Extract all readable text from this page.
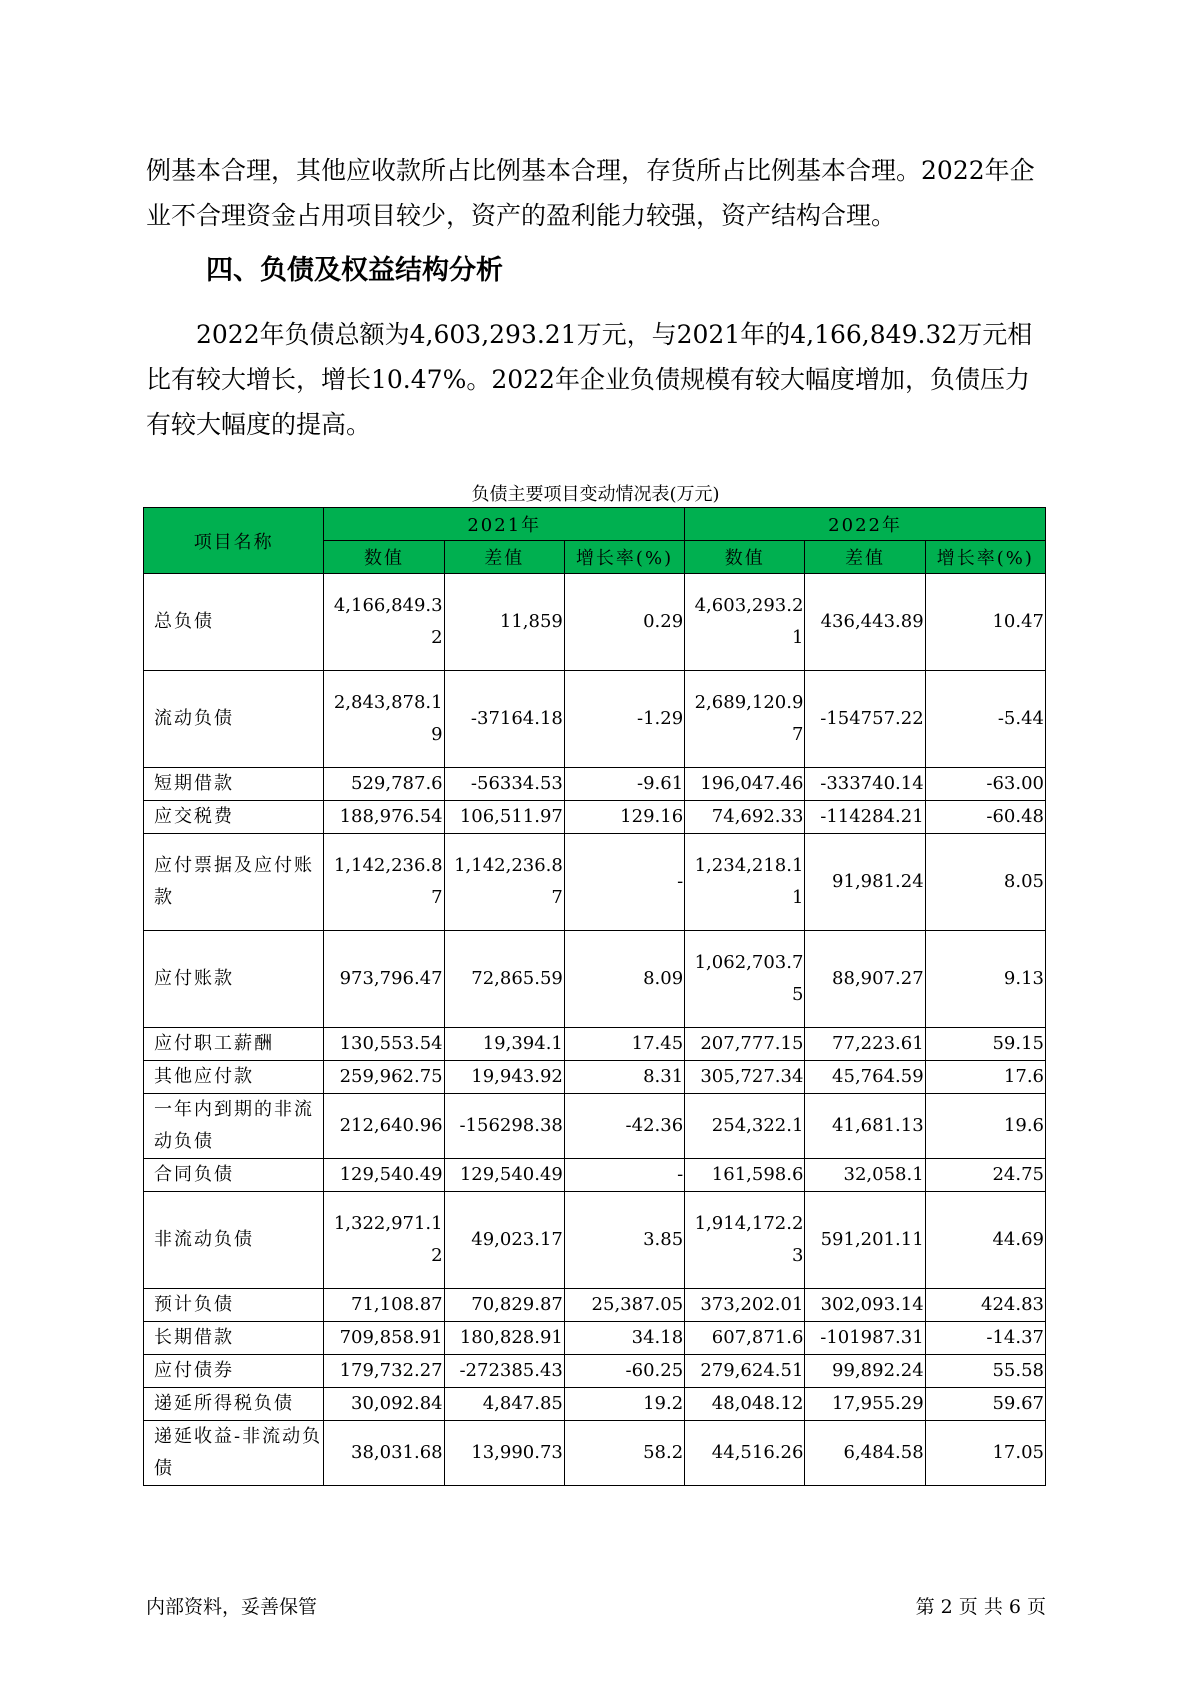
例基本合理，其他应收款所占比例基本合理，存货所占比例基本合理。2022年企业不合理资金占用项目较少，资产的盈利能力较强，资产结构合理。

四、负债及权益结构分析

2022年负债总额为4,603,293.21万元，与2021年的4,166,849.32万元相比有较大增长，增长10.47%。2022年企业负债规模有较大幅度增加，负债压力有较大幅度的提高。

负债主要项目变动情况表(万元)
项目名称	2021年			2022年		
	数值	差值	增长率(%)	数值	差值	增长率(%)
总负债	4,166,849.32	11,859	0.29	4,603,293.21	436,443.89	10.47
流动负债	2,843,878.19	-37164.18	-1.29	2,689,120.97	-154757.22	-5.44
短期借款	529,787.6	-56334.53	-9.61	196,047.46	-333740.14	-63.00
应交税费	188,976.54	106,511.97	129.16	74,692.33	-114284.21	-60.48
应付票据及应付账款	1,142,236.87	1,142,236.87	-	1,234,218.11	91,981.24	8.05
应付账款	973,796.47	72,865.59	8.09	1,062,703.75	88,907.27	9.13
应付职工薪酬	130,553.54	19,394.1	17.45	207,777.15	77,223.61	59.15
其他应付款	259,962.75	19,943.92	8.31	305,727.34	45,764.59	17.6
一年内到期的非流动负债	212,640.96	-156298.38	-42.36	254,322.1	41,681.13	19.6
合同负债	129,540.49	129,540.49	-	161,598.6	32,058.1	24.75
非流动负债	1,322,971.12	49,023.17	3.85	1,914,172.23	591,201.11	44.69
预计负债	71,108.87	70,829.87	25,387.05	373,202.01	302,093.14	424.83
长期借款	709,858.91	180,828.91	34.18	607,871.6	-101987.31	-14.37
应付债券	179,732.27	-272385.43	-60.25	279,624.51	99,892.24	55.58
递延所得税负债	30,092.84	4,847.85	19.2	48,048.12	17,955.29	59.67
递延收益-非流动负债	38,031.68	13,990.73	58.2	44,516.26	6,484.58	17.05
内部资料，妥善保管	第 2 页 共 6 页
